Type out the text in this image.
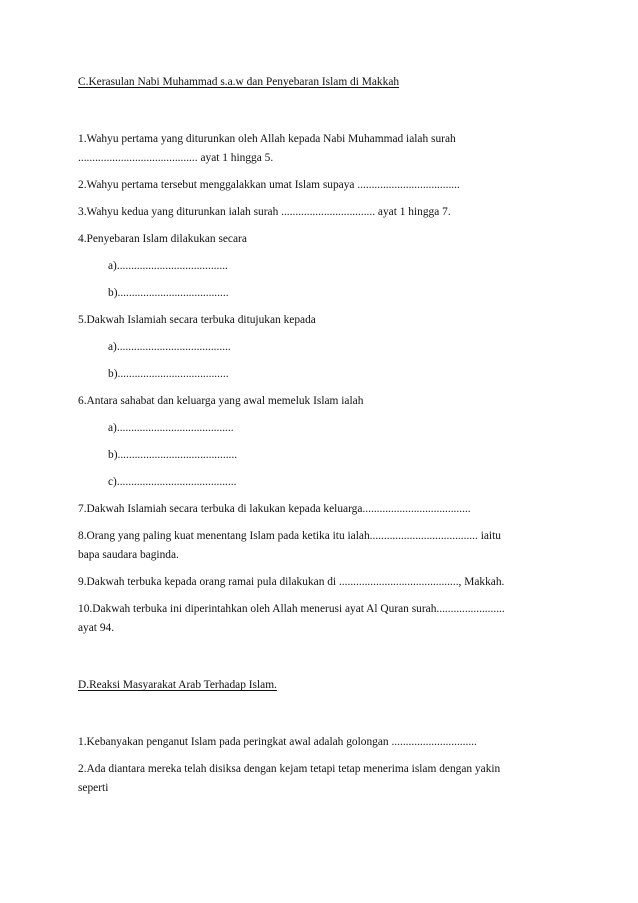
C.Kerasulan Nabi Muhammad s.a.w dan Penyebaran Islam di Makkah

1.Wahyu pertama yang diturunkan oleh Allah kepada Nabi Muhammad ialah surah

.......................................... ayat 1 hingga 5.

2.Wahyu pertama tersebut menggalakkan umat Islam supaya ....................................

3.Wahyu kedua yang diturunkan ialah surah ................................. ayat 1 hingga 7.

4.Penyebaran Islam dilakukan secara

a).......................................

b).......................................

5.Dakwah Islamiah secara terbuka ditujukan kepada

a)........................................

b).......................................

6.Antara sahabat dan keluarga yang awal memeluk Islam ialah

a).........................................

b)..........................................

c)..........................................

7.Dakwah Islamiah secara terbuka di lakukan kepada keluarga......................................

8.Orang yang paling kuat menentang Islam pada ketika itu ialah...................................... iaitu

bapa saudara baginda.

9.Dakwah terbuka kepada orang ramai pula dilakukan di .........................................., Makkah.

10.Dakwah terbuka ini diperintahkan oleh Allah menerusi ayat Al Quran surah........................

ayat 94.

D.Reaksi Masyarakat Arab Terhadap Islam.

1.Kebanyakan penganut Islam pada peringkat awal adalah golongan ..............................

2.Ada diantara mereka telah disiksa dengan kejam tetapi tetap menerima islam dengan yakin

seperti
